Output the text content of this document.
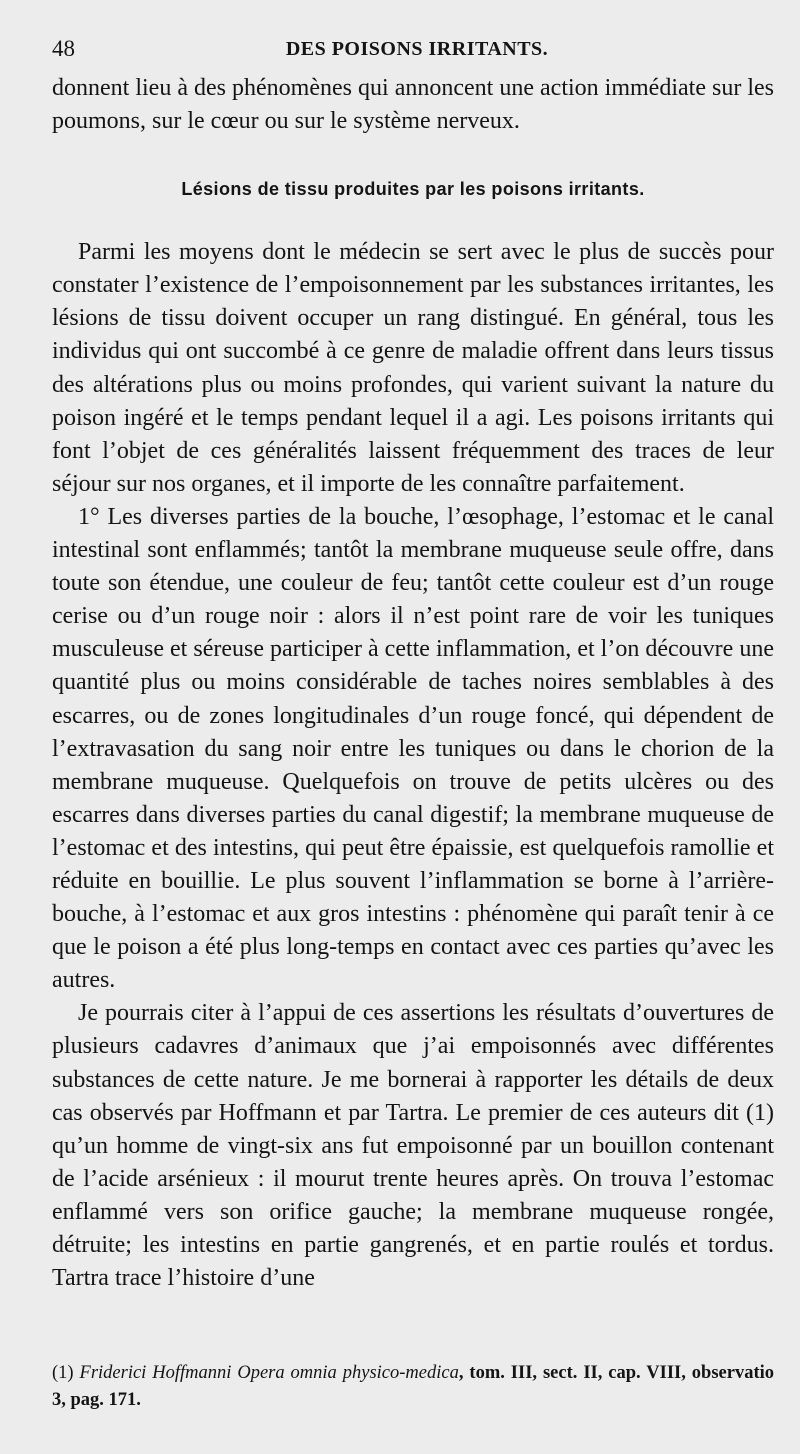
48	DES POISONS IRRITANTS.

donnent lieu à des phénomènes qui annoncent une action immédiate sur les poumons, sur le cœur ou sur le système nerveux.

Lésions de tissu produites par les poisons irritants.

Parmi les moyens dont le médecin se sert avec le plus de succès pour constater l’existence de l’empoisonnement par les substances irritantes, les lésions de tissu doivent occuper un rang distingué. En général, tous les individus qui ont succombé à ce genre de maladie offrent dans leurs tissus des altérations plus ou moins profondes, qui varient suivant la nature du poison ingéré et le temps pendant lequel il a agi. Les poisons irritants qui font l’objet de ces généralités laissent fréquemment des traces de leur séjour sur nos organes, et il importe de les connaître parfaitement.

1° Les diverses parties de la bouche, l’œsophage, l’estomac et le canal intestinal sont enflammés; tantôt la membrane muqueuse seule offre, dans toute son étendue, une couleur de feu; tantôt cette couleur est d’un rouge cerise ou d’un rouge noir : alors il n’est point rare de voir les tuniques musculeuse et séreuse participer à cette inflammation, et l’on découvre une quantité plus ou moins considérable de taches noires semblables à des escarres, ou de zones longitudinales d’un rouge foncé, qui dépendent de l’extravasation du sang noir entre les tuniques ou dans le chorion de la membrane muqueuse. Quelquefois on trouve de petits ulcères ou des escarres dans diverses parties du canal digestif; la membrane muqueuse de l’estomac et des intestins, qui peut être épaissie, est quelquefois ramollie et réduite en bouillie. Le plus souvent l’inflammation se borne à l’arrière-bouche, à l’estomac et aux gros intestins : phénomène qui paraît tenir à ce que le poison a été plus long-temps en contact avec ces parties qu’avec les autres.

Je pourrais citer à l’appui de ces assertions les résultats d’ouvertures de plusieurs cadavres d’animaux que j’ai empoisonnés avec différentes substances de cette nature. Je me bornerai à rapporter les détails de deux cas observés par Hoffmann et par Tartra. Le premier de ces auteurs dit (1) qu’un homme de vingt-six ans fut empoisonné par un bouillon contenant de l’acide arsénieux : il mourut trente heures après. On trouva l’estomac enflammé vers son orifice gauche; la membrane muqueuse rongée, détruite; les intestins en partie gangrenés, et en partie roulés et tordus. Tartra trace l’histoire d’une

(1) Friderici Hoffmanni Opera omnia physico-medica, tom. III, sect. II, cap. VIII, observatio 3, pag. 171.
